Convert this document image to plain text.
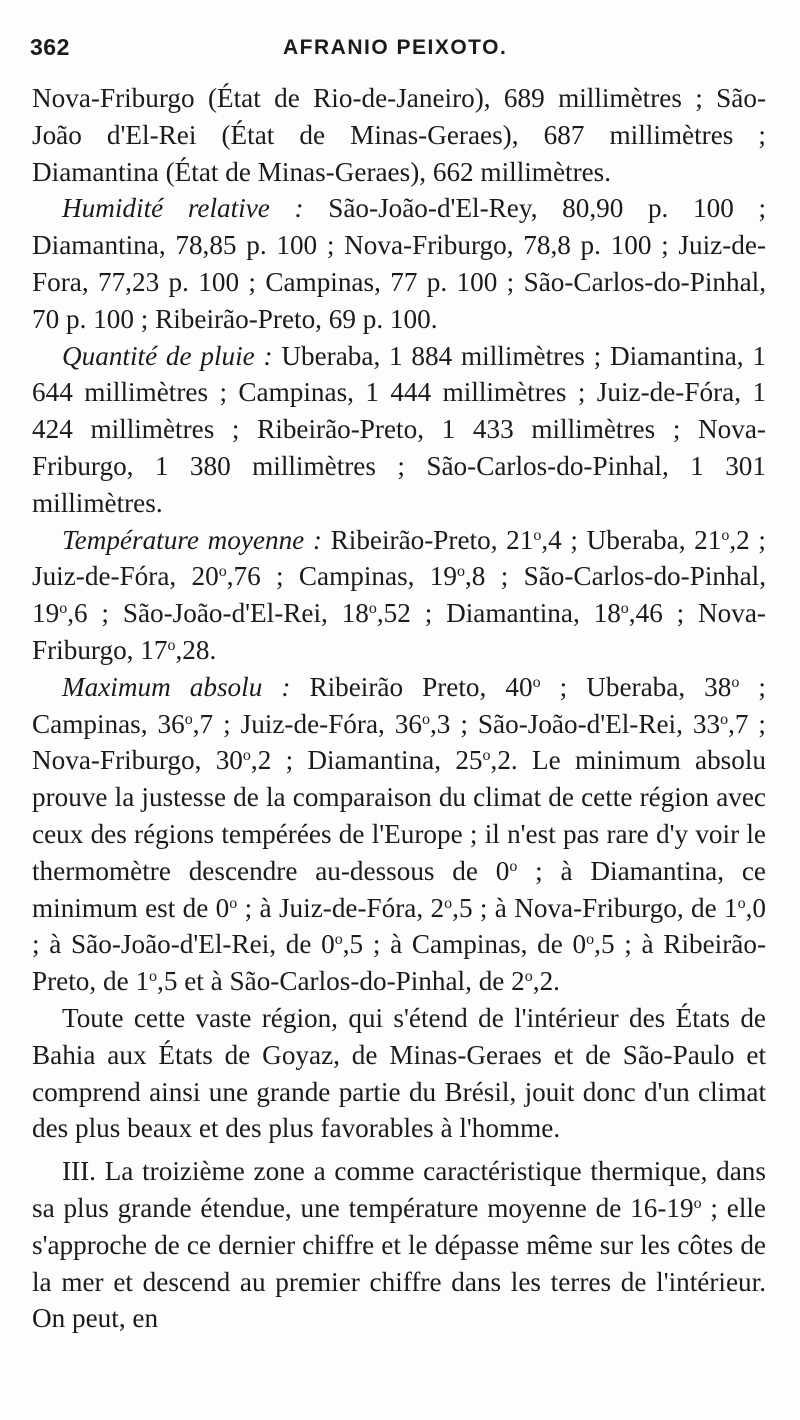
362	AFRANIO PEIXOTO.

Nova-Friburgo (État de Rio-de-Janeiro), 689 millimètres ; São-João d'El-Rei (État de Minas-Geraes), 687 millimètres ; Diamantina (État de Minas-Geraes), 662 millimètres.

Humidité relative : São-João-d'El-Rey, 80,90 p. 100 ; Diamantina, 78,85 p. 100 ; Nova-Friburgo, 78,8 p. 100 ; Juiz-de-Fora, 77,23 p. 100 ; Campinas, 77 p. 100 ; São-Carlos-do-Pinhal, 70 p. 100 ; Ribeirão-Preto, 69 p. 100.

Quantité de pluie : Uberaba, 1 884 millimètres ; Diamantina, 1 644 millimètres ; Campinas, 1 444 millimètres ; Juiz-de-Fóra, 1 424 millimètres ; Ribeirão-Preto, 1 433 millimètres ; Nova-Friburgo, 1 380 millimètres ; São-Carlos-do-Pinhal, 1 301 millimètres.

Température moyenne : Ribeirão-Preto, 21$^o$,4 ; Uberaba, 21$^o$,2 ; Juiz-de-Fóra, 20$^o$,76 ; Campinas, 19$^o$,8 ; São-Carlos-do-Pinhal, 19$^o$,6 ; São-João-d'El-Rei, 18$^o$,52 ; Diamantina, 18$^o$,46 ; Nova-Friburgo, 17$^o$,28.

Maximum absolu : Ribeirão Preto, 40$^o$ ; Uberaba, 38$^o$ ; Campinas, 36$^o$,7 ; Juiz-de-Fóra, 36$^o$,3 ; São-João-d'El-Rei, 33$^o$,7 ; Nova-Friburgo, 30$^o$,2 ; Diamantina, 25$^o$,2. Le minimum absolu prouve la justesse de la comparaison du climat de cette région avec ceux des régions tempérées de l'Europe ; il n'est pas rare d'y voir le thermomètre descendre au-dessous de 0$^o$ ; à Diamantina, ce minimum est de 0$^o$ ; à Juiz-de-Fóra, 2$^o$,5 ; à Nova-Friburgo, de 1$^o$,0 ; à São-João-d'El-Rei, de 0$^o$,5 ; à Campinas, de 0$^o$,5 ; à Ribeirão-Preto, de 1$^o$,5 et à São-Carlos-do-Pinhal, de 2$^o$,2.

Toute cette vaste région, qui s'étend de l'intérieur des États de Bahia aux États de Goyaz, de Minas-Geraes et de São-Paulo et comprend ainsi une grande partie du Brésil, jouit donc d'un climat des plus beaux et des plus favorables à l'homme.

III. La troizième zone a comme caractéristique thermique, dans sa plus grande étendue, une température moyenne de 16-19$^o$ ; elle s'approche de ce dernier chiffre et le dépasse même sur les côtes de la mer et descend au premier chiffre dans les terres de l'intérieur. On peut, en
